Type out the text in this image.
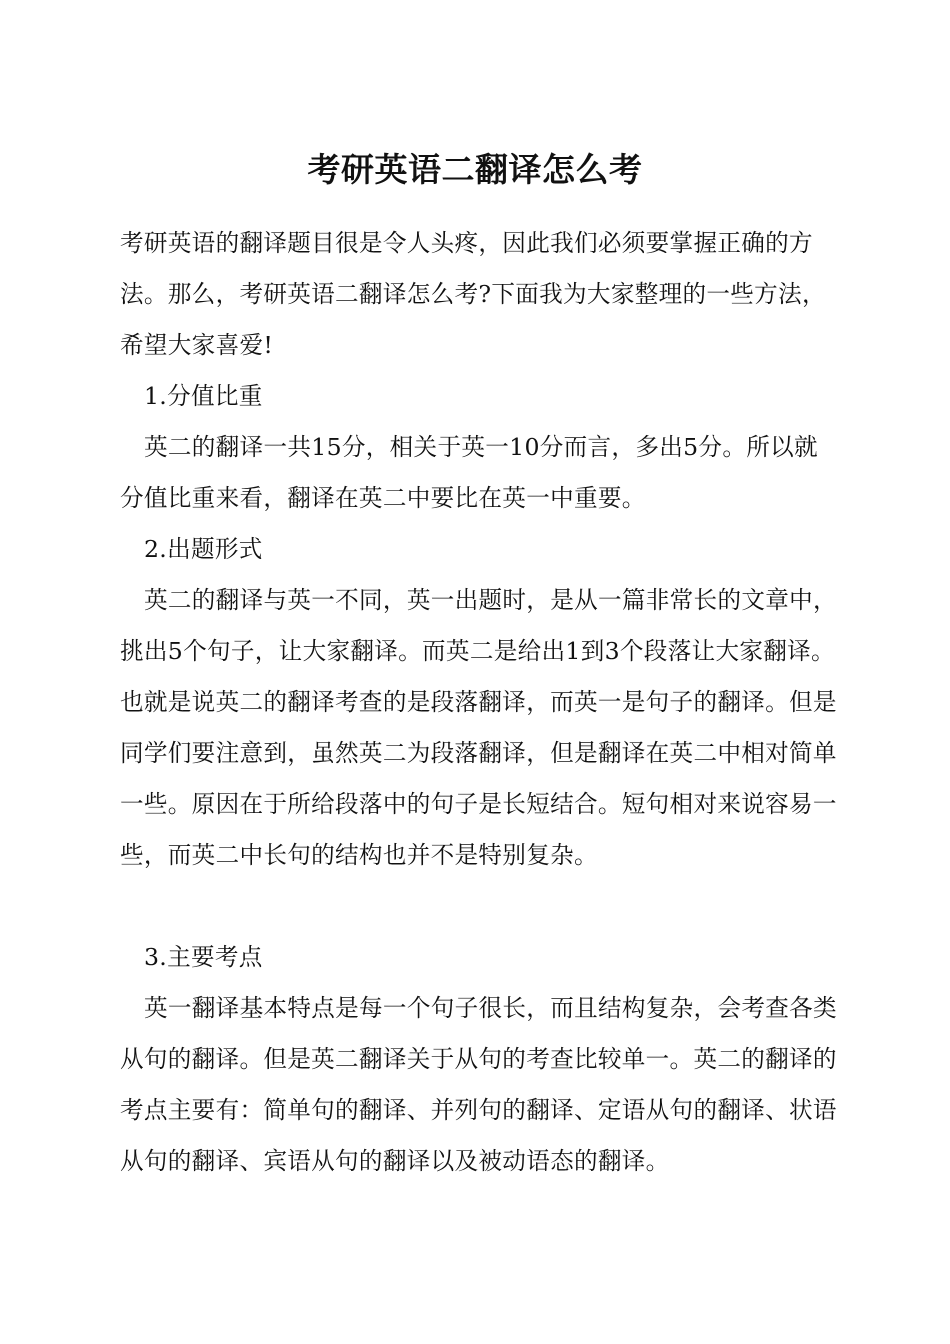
考研英语二翻译怎么考

考研英语的翻译题目很是令人头疼，因此我们必须要掌握正确的方法。那么，考研英语二翻译怎么考?下面我为大家整理的一些方法，希望大家喜爱!

1.分值比重

英二的翻译一共15分，相关于英一10分而言，多出5分。所以就分值比重来看，翻译在英二中要比在英一中重要。

2.出题形式

英二的翻译与英一不同，英一出题时，是从一篇非常长的文章中，挑出5个句子，让大家翻译。而英二是给出1到3个段落让大家翻译。也就是说英二的翻译考查的是段落翻译，而英一是句子的翻译。但是同学们要注意到，虽然英二为段落翻译，但是翻译在英二中相对简单一些。原因在于所给段落中的句子是长短结合。短句相对来说容易一些，而英二中长句的结构也并不是特别复杂。

3.主要考点

英一翻译基本特点是每一个句子很长，而且结构复杂，会考查各类从句的翻译。但是英二翻译关于从句的考查比较单一。英二的翻译的考点主要有：简单句的翻译、并列句的翻译、定语从句的翻译、状语从句的翻译、宾语从句的翻译以及被动语态的翻译。
